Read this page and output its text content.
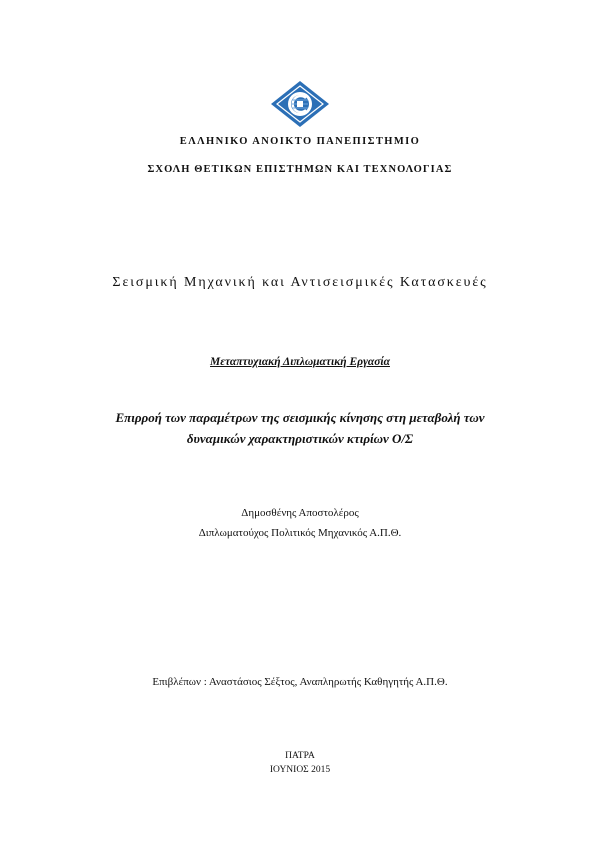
ΕΛΛΗΝΙΚΟ ΑΝΟΙΚΤΟ ΠΑΝΕΠΙΣΤΗΜΙΟ
ΣΧΟΛΗ ΘΕΤΙΚΩΝ ΕΠΙΣΤΗΜΩΝ ΚΑΙ ΤΕΧΝΟΛΟΓΙΑΣ
Σεισμική Μηχανική και Αντισεισμικές Κατασκευές
Μεταπτυχιακή Διπλωματική Εργασία
Επιρροή των παραμέτρων της σεισμικής κίνησης στη μεταβολή των
δυναμικών χαρακτηριστικών κτιρίων Ο/Σ
Δημοσθένης Αποστολέρος
Διπλωματούχος Πολιτικός Μηχανικός Α.Π.Θ.
Επιβλέπων : Αναστάσιος Σέξτος, Αναπληρωτής Καθηγητής Α.Π.Θ.
ΠΑΤΡΑ
ΙΟΥΝΙΟΣ 2015
